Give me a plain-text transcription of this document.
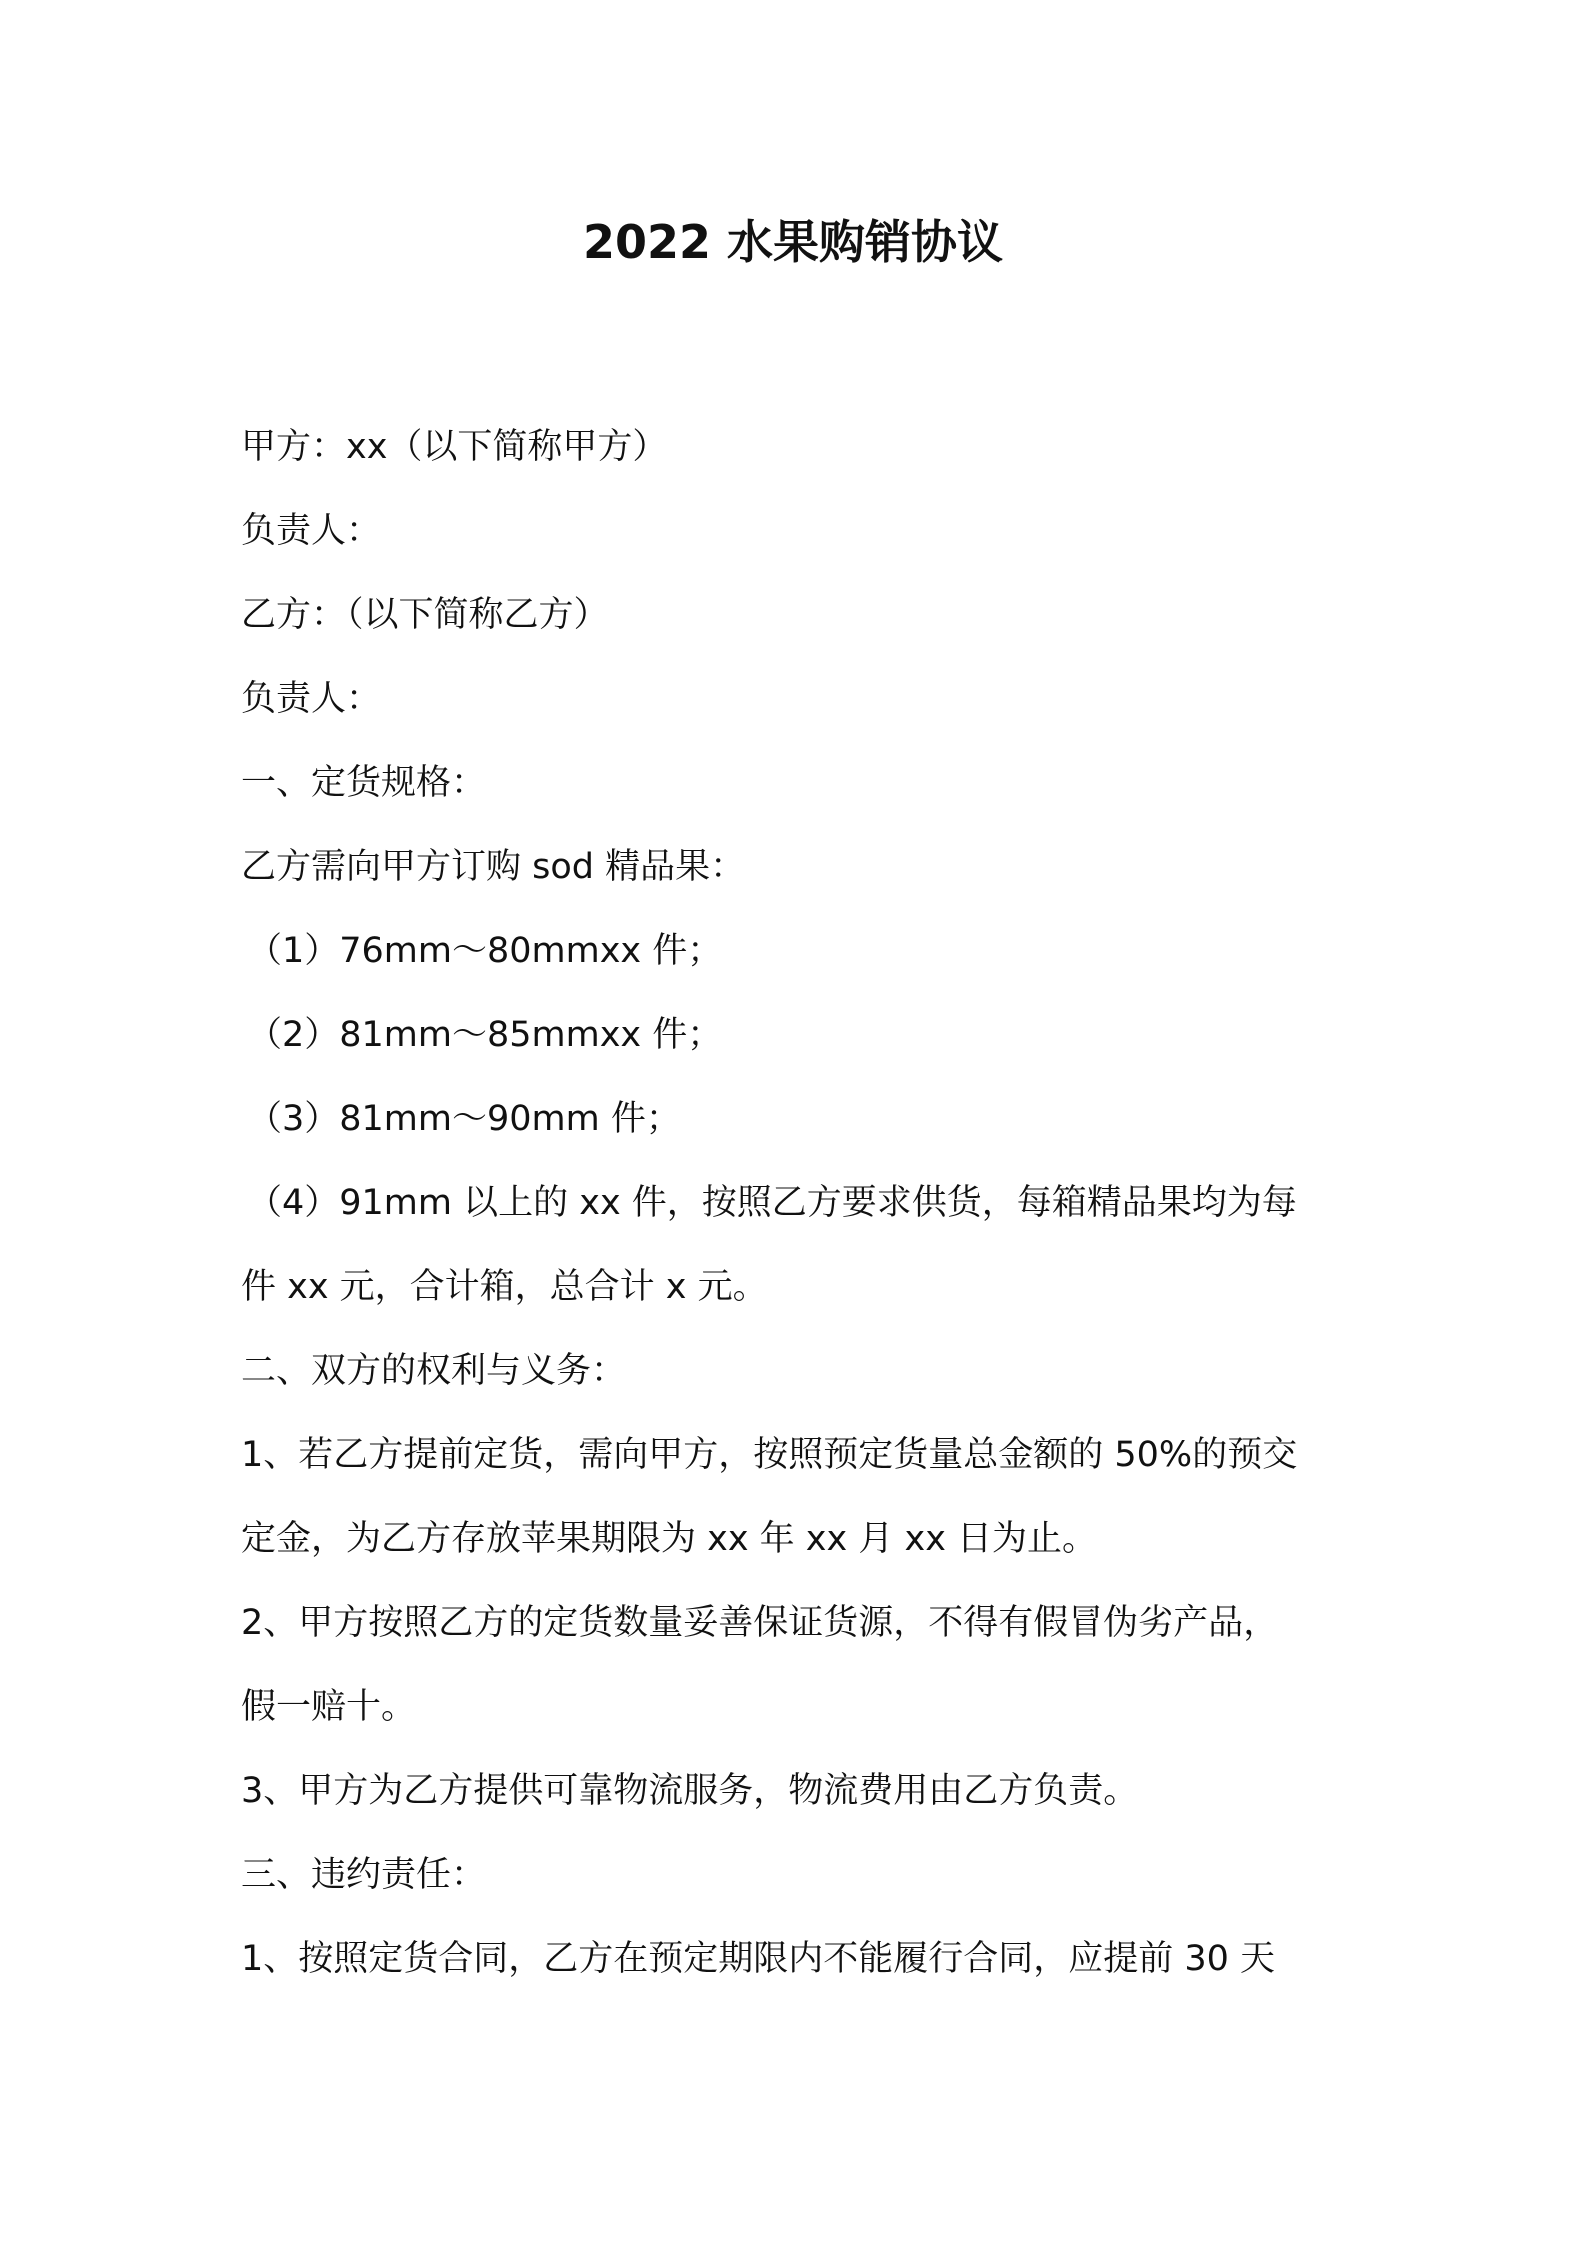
2022 水果购销协议

甲方：xx（以下简称甲方）

负责人：

乙方：（以下简称乙方）

负责人：

一、定货规格：

乙方需向甲方订购 sod 精品果：

（1）76mm～80mmxx 件；

（2）81mm～85mmxx 件；

（3）81mm～90mm 件；

（4）91mm 以上的 xx 件，按照乙方要求供货，每箱精品果均为每

件 xx 元，合计箱，总合计 x 元。

二、双方的权利与义务：

1、若乙方提前定货，需向甲方，按照预定货量总金额的 50%的预交

定金，为乙方存放苹果期限为 xx 年 xx 月 xx 日为止。

2、甲方按照乙方的定货数量妥善保证货源，不得有假冒伪劣产品，

假一赔十。

3、甲方为乙方提供可靠物流服务，物流费用由乙方负责。

三、违约责任：

1、按照定货合同，乙方在预定期限内不能履行合同，应提前 30 天
